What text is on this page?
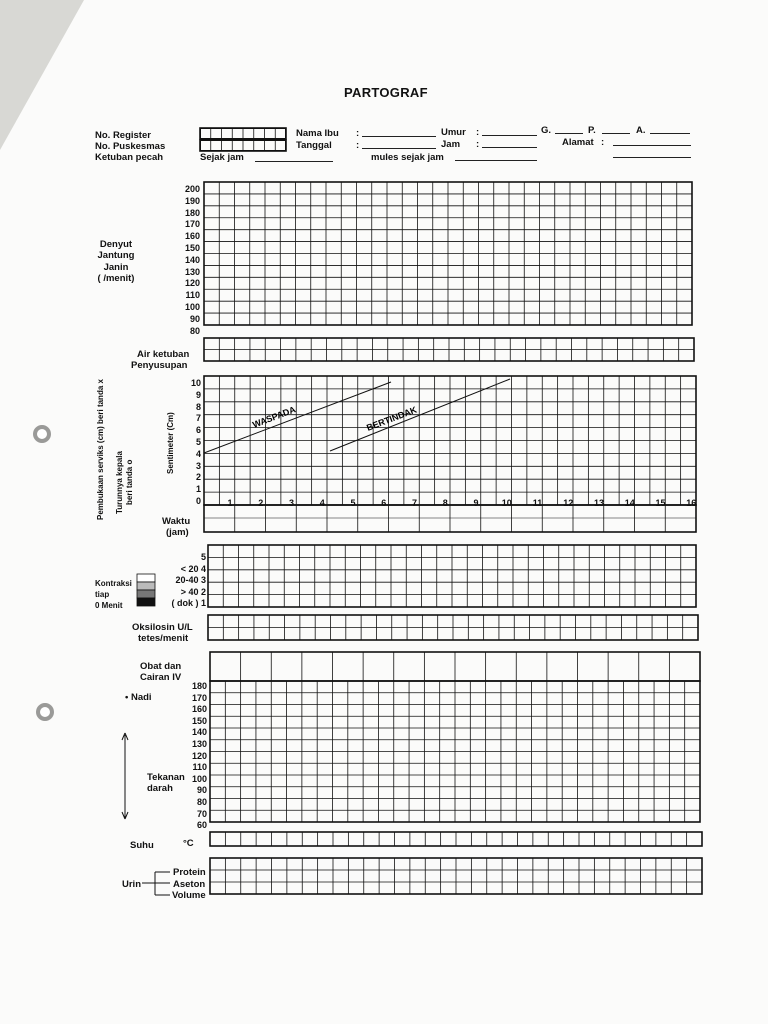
PARTOGRAF
No. Register
No. Puskesmas
Ketuban pecah	Sejak jam
Nama Ibu
Tanggal
:
:
mules sejak jam
Umur :
Jam :
G.	P.	A.
Alamat :
Denyut
Jantung
Janin
( /menit)
200
190
180
170
160
150
140
130
120
110
100
90
80
Air ketuban
Penyusupan
Pembukaan serviks (cm) beri tanda x Turunnya kepala beri tanda o
Sentimeter (Cm)
10
9
8
7
6
5
4
3
2
1
0	1	2	3	4	5	6	7	8	9	10	11	12	13	14	15	16
Waktu
(jam)
5
< 20 4
20-40 3
> 40 2
( dok ) 1
Kontraksi
tiap
0 Menit
Oksilosin U/L
tetes/menit
Obat dan
Cairan IV
• Nadi
180
170
160
150
140
130
120
110
100
90
80
70
60
Tekanan
darah
Suhu	°C
Urin
Protein
Aseton
Volume
WASPADA	BERTINDAK
